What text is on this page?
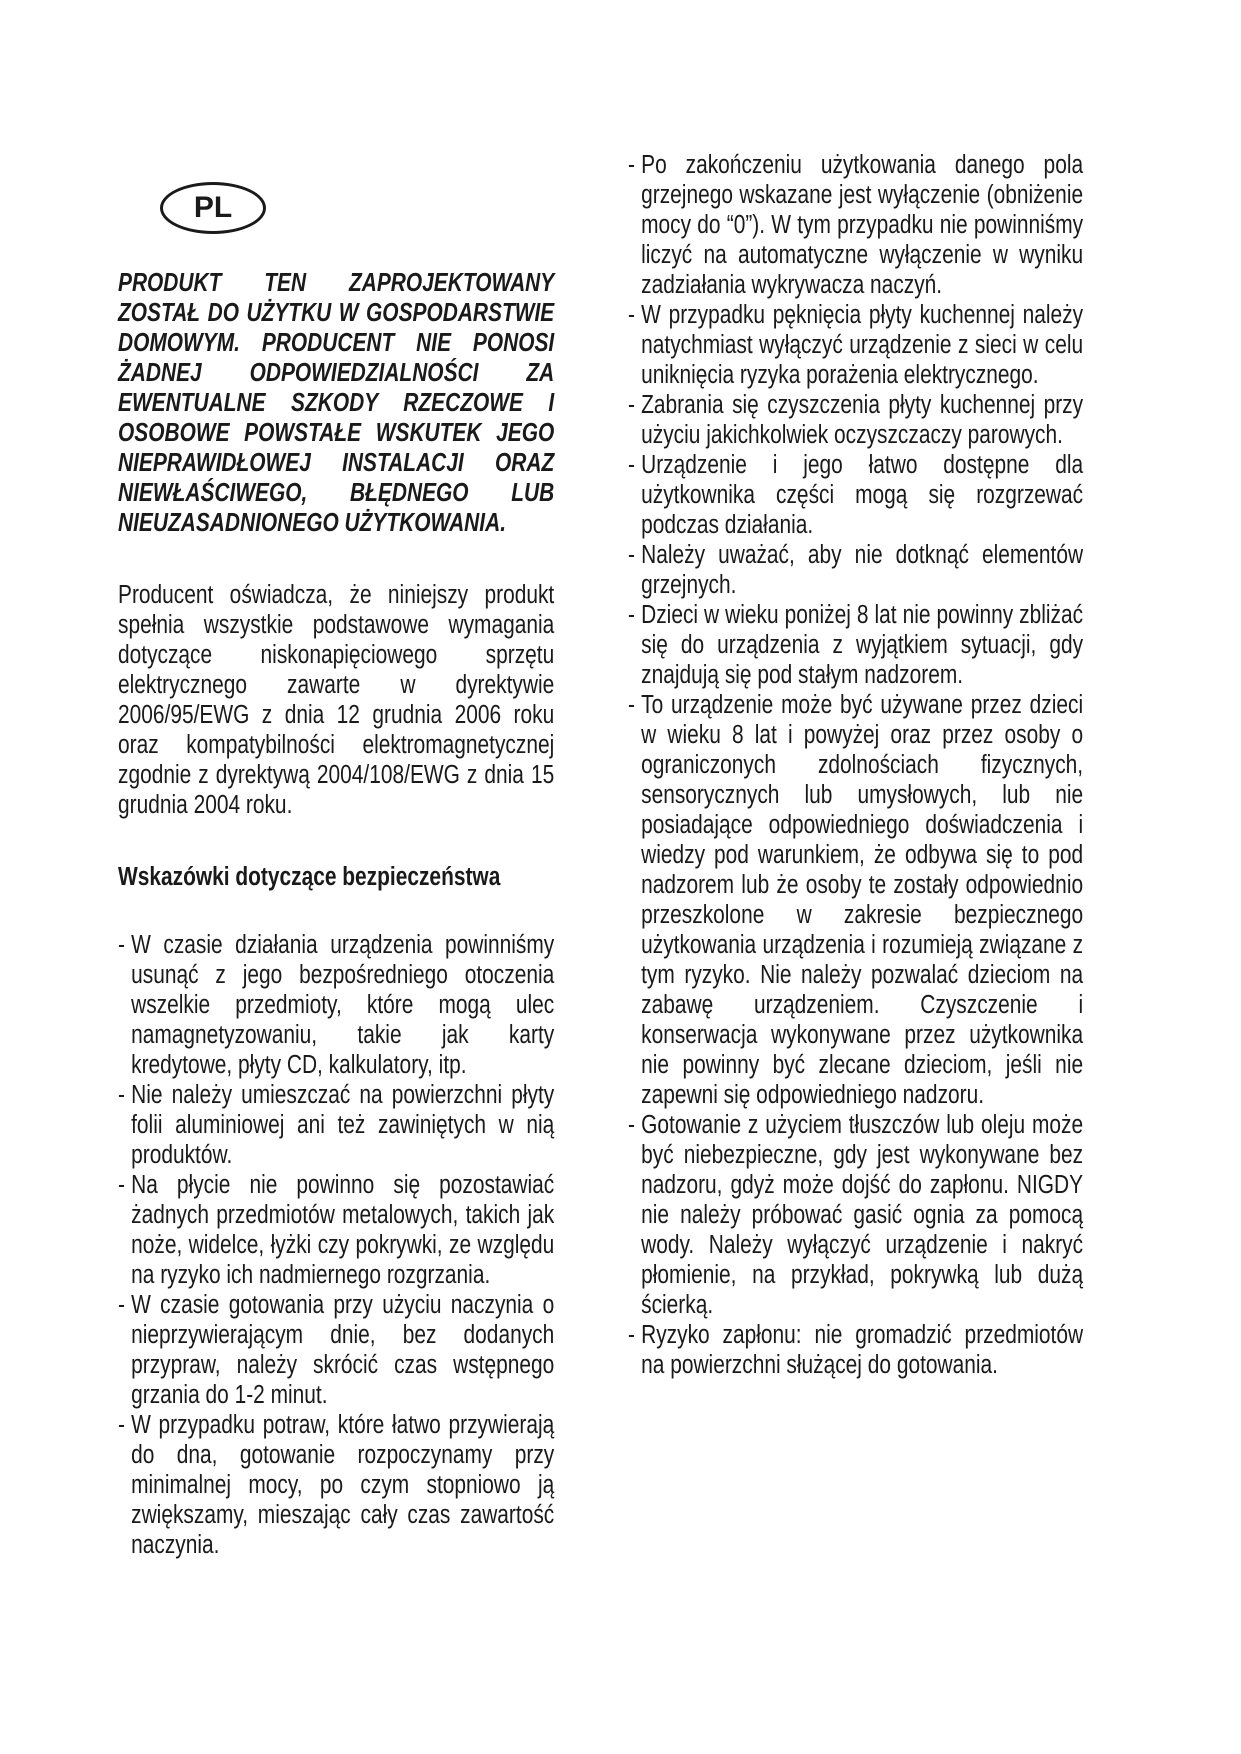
PL

PRODUKT TEN ZAPROJEKTOWANY ZOSTAŁ DO UŻYTKU W GOSPODARSTWIE DOMOWYM. PRODUCENT NIE PONOSI ŻADNEJ ODPOWIEDZIALNOŚCI ZA EWENTUALNE SZKODY RZECZOWE I OSOBOWE POWSTAŁE WSKUTEK JEGO NIEPRAWIDŁOWEJ INSTALACJI ORAZ NIEWŁAŚCIWEGO, BŁĘDNEGO LUB NIEUZASADNIONEGO UŻYTKOWANIA.

Producent oświadcza, że niniejszy produkt spełnia wszystkie podstawowe wymagania dotyczące niskonapięciowego sprzętu elektrycznego zawarte w dyrektywie 2006/95/EWG z dnia 12 grudnia 2006 roku oraz kompatybilności elektromagnetycznej zgodnie z dyrektywą 2004/108/EWG z dnia 15 grudnia 2004 roku.

Wskazówki dotyczące bezpieczeństwa

- W czasie działania urządzenia powinniśmy usunąć z jego bezpośredniego otoczenia wszelkie przedmioty, które mogą ulec namagnetyzowaniu, takie jak karty kredytowe, płyty CD, kalkulatory, itp.
- Nie należy umieszczać na powierzchni płyty folii aluminiowej ani też zawiniętych w nią produktów.
- Na płycie nie powinno się pozostawiać żadnych przedmiotów metalowych, takich jak noże, widelce, łyżki czy pokrywki, ze względu na ryzyko ich nadmiernego rozgrzania.
- W czasie gotowania przy użyciu naczynia o nieprzywierającym dnie, bez dodanych przypraw, należy skrócić czas wstępnego grzania do 1-2 minut.
- W przypadku potraw, które łatwo przywierają do dna, gotowanie rozpoczynamy przy minimalnej mocy, po czym stopniowo ją zwiększamy, mieszając cały czas zawartość naczynia.
- Po zakończeniu użytkowania danego pola grzejnego wskazane jest wyłączenie (obniżenie mocy do “0”). W tym przypadku nie powinniśmy liczyć na automatyczne wyłączenie w wyniku zadziałania wykrywacza naczyń.
- W przypadku pęknięcia płyty kuchennej należy natychmiast wyłączyć urządzenie z sieci w celu uniknięcia ryzyka porażenia elektrycznego.
- Zabrania się czyszczenia płyty kuchennej przy użyciu jakichkolwiek oczyszczaczy parowych.
- Urządzenie i jego łatwo dostępne dla użytkownika części mogą się rozgrzewać podczas działania.
- Należy uważać, aby nie dotknąć elementów grzejnych.
- Dzieci w wieku poniżej 8 lat nie powinny zbliżać się do urządzenia z wyjątkiem sytuacji, gdy znajdują się pod stałym nadzorem.
- To urządzenie może być używane przez dzieci w wieku 8 lat i powyżej oraz przez osoby o ograniczonych zdolnościach fizycznych, sensorycznych lub umysłowych, lub nie posiadające odpowiedniego doświadczenia i wiedzy pod warunkiem, że odbywa się to pod nadzorem lub że osoby te zostały odpowiednio przeszkolone w zakresie bezpiecznego użytkowania urządzenia i rozumieją związane z tym ryzyko. Nie należy pozwalać dzieciom na zabawę urządzeniem. Czyszczenie i konserwacja wykonywane przez użytkownika nie powinny być zlecane dzieciom, jeśli nie zapewni się odpowiedniego nadzoru.
- Gotowanie z użyciem tłuszczów lub oleju może być niebezpieczne, gdy jest wykonywane bez nadzoru, gdyż może dojść do zapłonu. NIGDY nie należy próbować gasić ognia za pomocą wody. Należy wyłączyć urządzenie i nakryć płomienie, na przykład, pokrywką lub dużą ścierką.
- Ryzyko zapłonu: nie gromadzić przedmiotów na powierzchni służącej do gotowania.
